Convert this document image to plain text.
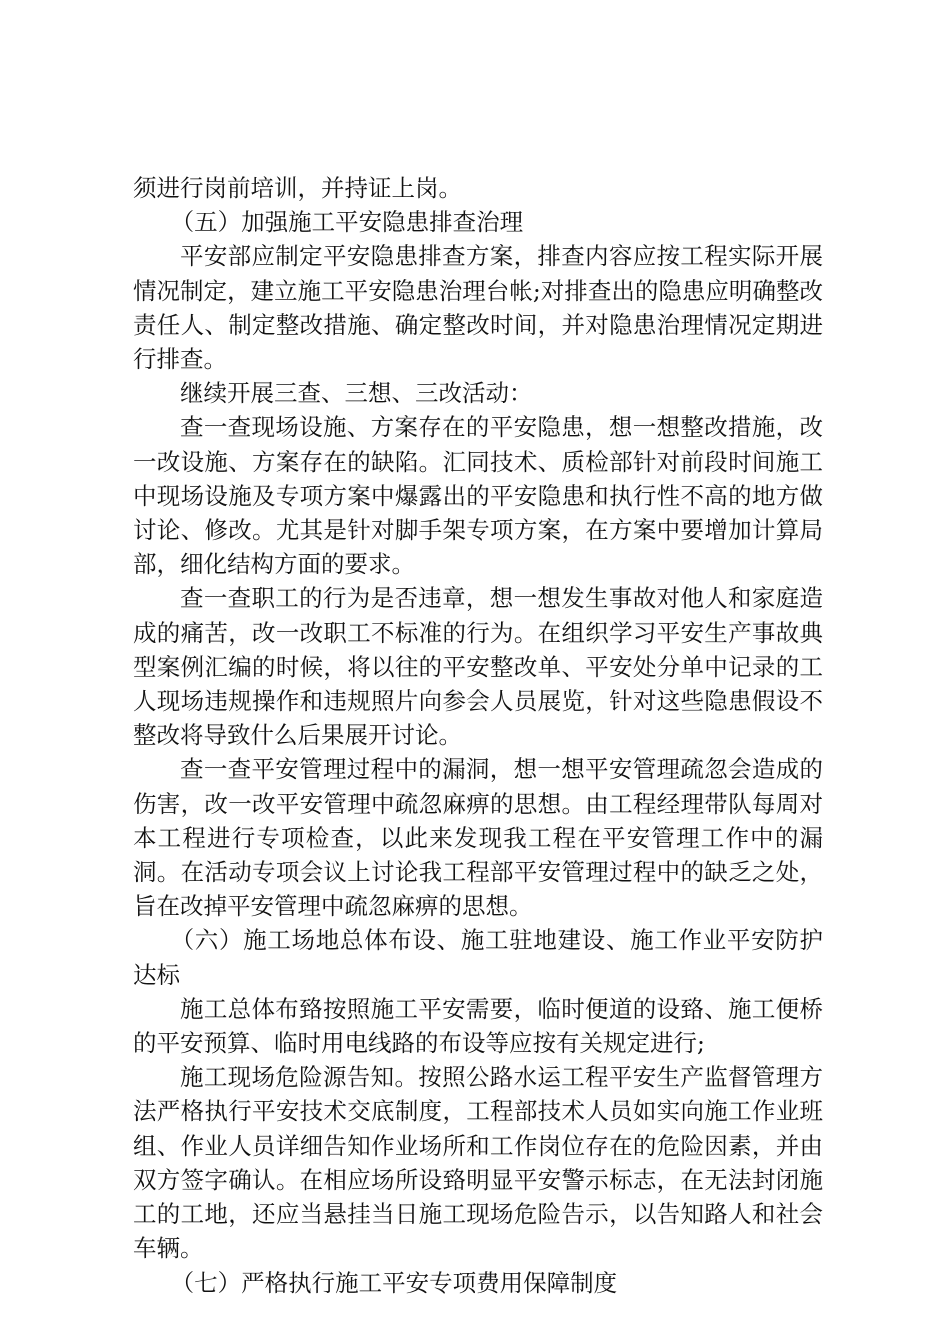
须进行岗前培训，并持证上岗。

（五）加强施工平安隐患排查治理

平安部应制定平安隐患排查方案，排查内容应按工程实际开展情况制定，建立施工平安隐患治理台帐;对排查出的隐患应明确整改责任人、制定整改措施、确定整改时间，并对隐患治理情况定期进行排查。

继续开展三查、三想、三改活动：

查一查现场设施、方案存在的平安隐患，想一想整改措施，改一改设施、方案存在的缺陷。汇同技术、质检部针对前段时间施工中现场设施及专项方案中爆露出的平安隐患和执行性不高的地方做讨论、修改。尤其是针对脚手架专项方案，在方案中要增加计算局部，细化结构方面的要求。

查一查职工的行为是否违章，想一想发生事故对他人和家庭造成的痛苦，改一改职工不标准的行为。在组织学习平安生产事故典型案例汇编的时候，将以往的平安整改单、平安处分单中记录的工人现场违规操作和违规照片向参会人员展览，针对这些隐患假设不整改将导致什么后果展开讨论。

查一查平安管理过程中的漏洞，想一想平安管理疏忽会造成的伤害，改一改平安管理中疏忽麻痹的思想。由工程经理带队每周对本工程进行专项检查，以此来发现我工程在平安管理工作中的漏洞。在活动专项会议上讨论我工程部平安管理过程中的缺乏之处，旨在改掉平安管理中疏忽麻痹的思想。

（六）施工场地总体布设、施工驻地建设、施工作业平安防护达标

施工总体布臵按照施工平安需要，临时便道的设臵、施工便桥的平安预算、临时用电线路的布设等应按有关规定进行;

施工现场危险源告知。按照公路水运工程平安生产监督管理方法严格执行平安技术交底制度，工程部技术人员如实向施工作业班组、作业人员详细告知作业场所和工作岗位存在的危险因素，并由双方签字确认。在相应场所设臵明显平安警示标志，在无法封闭施工的工地，还应当悬挂当日施工现场危险告示，以告知路人和社会车辆。

（七）严格执行施工平安专项费用保障制度
